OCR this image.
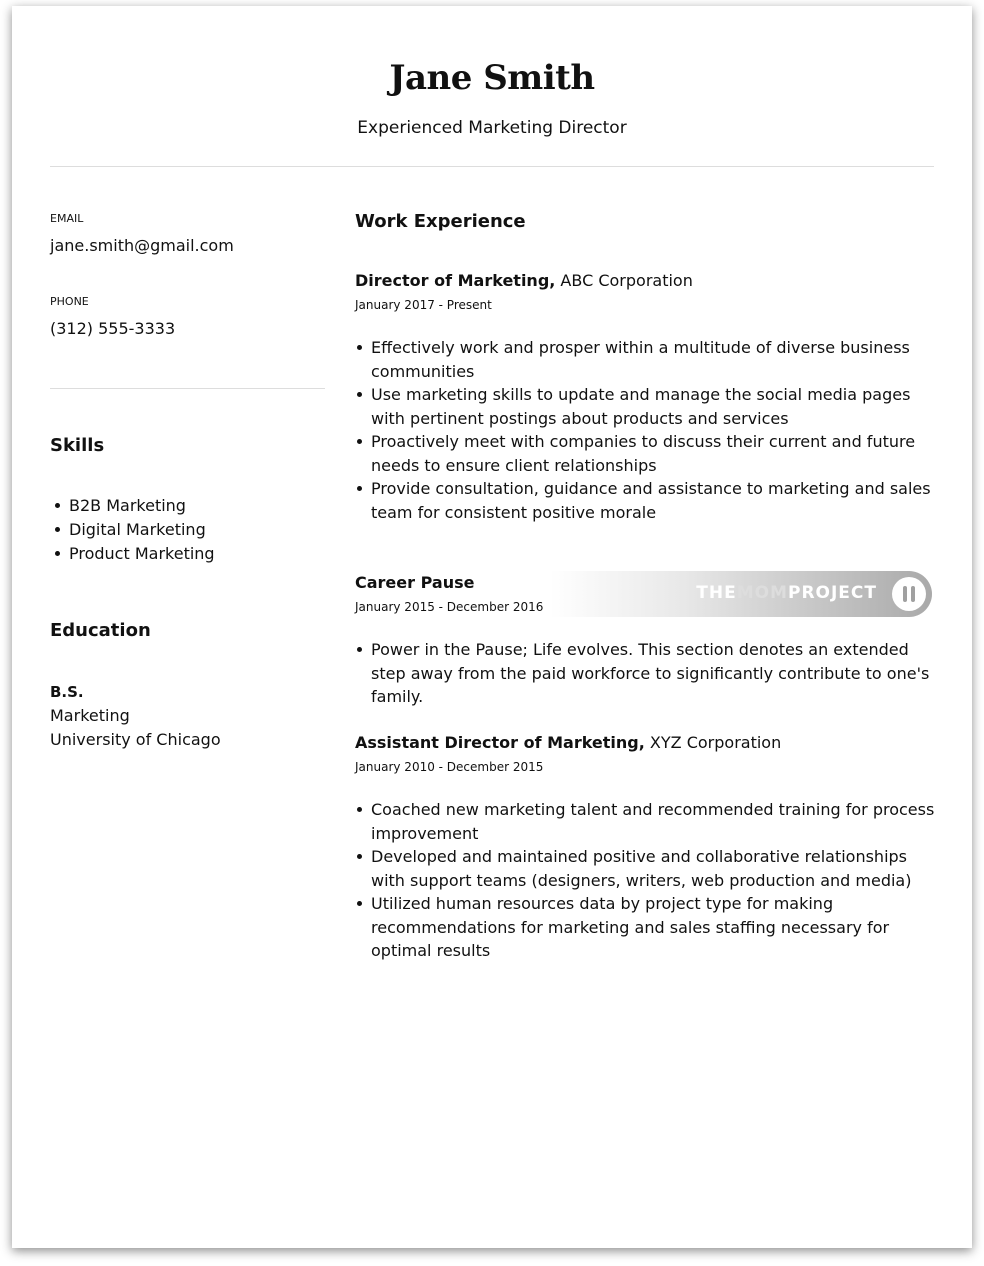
Jane Smith
Experienced Marketing Director
EMAIL
jane.smith@gmail.com
PHONE
(312) 555-3333
Skills
B2B Marketing
Digital Marketing
Product Marketing
Education
B.S.
Marketing
University of Chicago
Work Experience
Director of Marketing, ABC Corporation
January 2017 - Present
Effectively work and prosper within a multitude of diverse business communities
Use marketing skills to update and manage the social media pages with pertinent postings about products and services
Proactively meet with companies to discuss their current and future needs to ensure client relationships
Provide consultation, guidance and assistance to marketing and sales team for consistent positive morale
THEMOMPROJECT
Career Pause
January 2015 - December 2016
Power in the Pause; Life evolves. This section denotes an extended step away from the paid workforce to significantly contribute to one's family.
Assistant Director of Marketing, XYZ Corporation
January 2010 - December 2015
Coached new marketing talent and recommended training for process improvement
Developed and maintained positive and collaborative relationships with support teams (designers, writers, web production and media)
Utilized human resources data by project type for making recommendations for marketing and sales staffing necessary for optimal results
